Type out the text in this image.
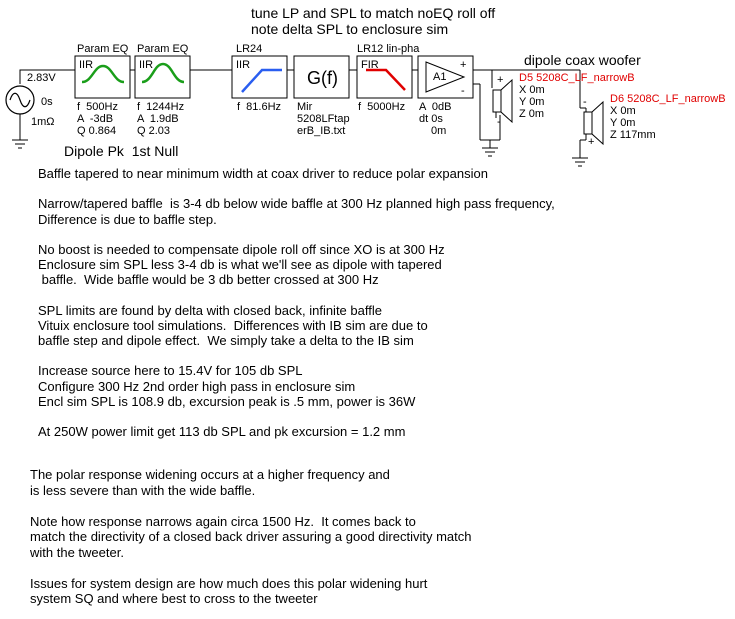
tune LP and SPL to match noEQ roll off
note delta SPL to enclosure sim
2.83V
0s
1mΩ
Param EQ Param EQ	LR24	LR12 lin-pha
IIR	IIR	IIR
G(f)
FIR
A1
f  500Hz
A  -3dB
Q 0.864
f  1244Hz
A  1.9dB
Q 2.03
f  81.6Hz Mir
5208LFtap
erB_IB.txt
f  5000Hz A  0dB
dt 0s
0m
+
-
Dipole Pk  1st Null
dipole coax woofer
D5 5208C_LF_narrowB
X 0m
Y 0m
Z 0m
+
-
D6 5208C_LF_narrowB
X 0m
Y 0m
Z 117mm
+
-
Baffle tapered to near minimum width at coax driver to reduce polar expansion
Narrow/tapered baffle  is 3-4 db below wide baffle at 300 Hz planned high pass frequency,
Difference is due to baffle step.
No boost is needed to compensate dipole roll off since XO is at 300 Hz
Enclosure sim SPL less 3-4 db is what we'll see as dipole with tapered
baffle.  Wide baffle would be 3 db better crossed at 300 Hz
SPL limits are found by delta with closed back, infinite baffle
Vituix enclosure tool simulations.  Differences with IB sim are due to
baffle step and dipole effect.  We simply take a delta to the IB sim
Increase source here to 15.4V for 105 db SPL
Configure 300 Hz 2nd order high pass in enclosure sim
Encl sim SPL is 108.9 db, excursion peak is .5 mm, power is 36W
At 250W power limit get 113 db SPL and pk excursion = 1.2 mm
The polar response widening occurs at a higher frequency and
is less severe than with the wide baffle.
Note how response narrows again circa 1500 Hz.  It comes back to
match the directivity of a closed back driver assuring a good directivity match
with the tweeter.
Issues for system design are how much does this polar widening hurt
system SQ and where best to cross to the tweeter
